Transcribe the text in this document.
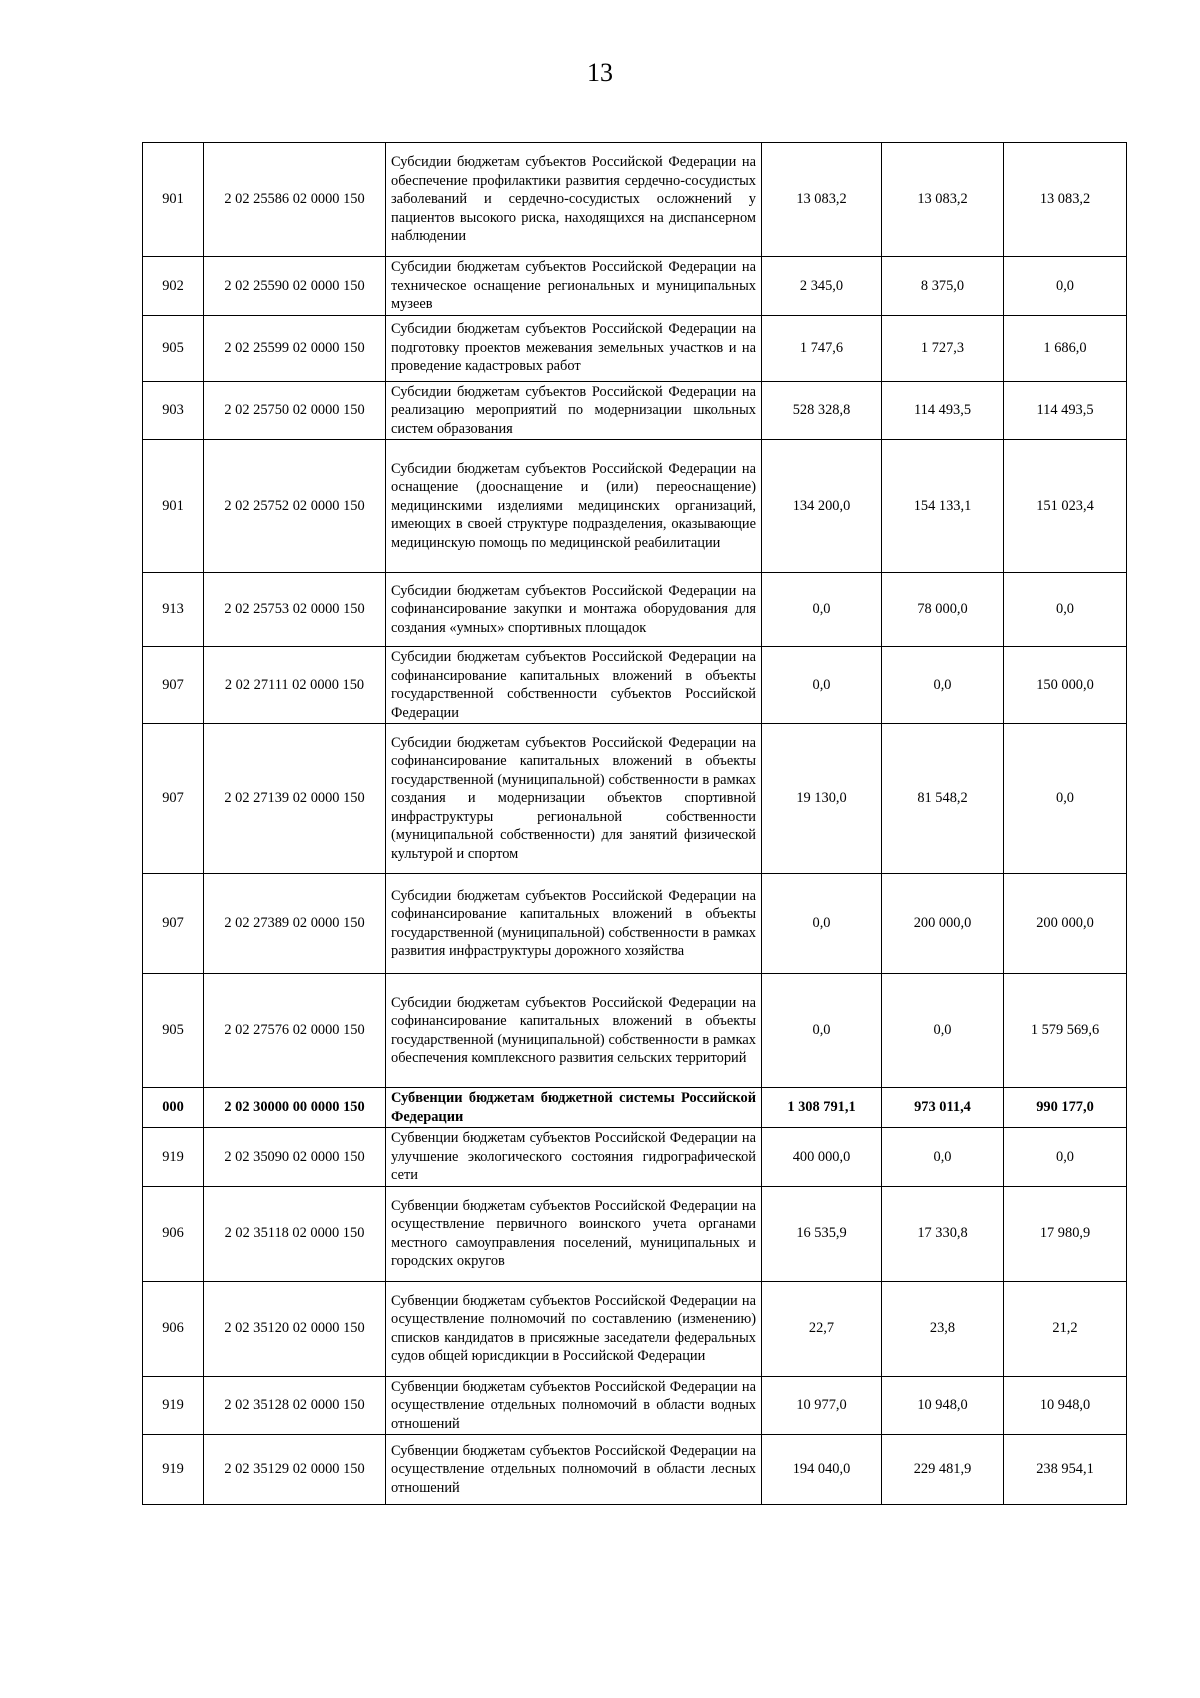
13
901	2 02 25586 02 0000 150	Субсидии бюджетам субъектов Российской Федерации на обеспечение профилактики развития сердечно-сосудистых заболеваний и сердечно-сосудистых осложнений у пациентов высокого риска, находящихся на диспансерном наблюдении	13 083,2	13 083,2	13 083,2
902	2 02 25590 02 0000 150	Субсидии бюджетам субъектов Российской Федерации на техническое оснащение региональных и муниципальных музеев	2 345,0	8 375,0	0,0
905	2 02 25599 02 0000 150	Субсидии бюджетам субъектов Российской Федерации на подготовку проектов межевания земельных участков и на проведение кадастровых работ	1 747,6	1 727,3	1 686,0
903	2 02 25750 02 0000 150	Субсидии бюджетам субъектов Российской Федерации на реализацию мероприятий по модернизации школьных систем образования	528 328,8	114 493,5	114 493,5
901	2 02 25752 02 0000 150	Субсидии бюджетам субъектов Российской Федерации на оснащение (дооснащение и (или) переоснащение) медицинскими изделиями медицинских организаций, имеющих в своей структуре подразделения, оказывающие медицинскую помощь по медицинской реабилитации	134 200,0	154 133,1	151 023,4
913	2 02 25753 02 0000 150	Субсидии бюджетам субъектов Российской Федерации на софинансирование закупки и монтажа оборудования для создания «умных» спортивных площадок	0,0	78 000,0	0,0
907	2 02 27111 02 0000 150	Субсидии бюджетам субъектов Российской Федерации на софинансирование капитальных вложений в объекты государственной собственности субъектов Российской Федерации	0,0	0,0	150 000,0
907	2 02 27139 02 0000 150	Субсидии бюджетам субъектов Российской Федерации на софинансирование капитальных вложений в объекты государственной (муниципальной) собственности в рамках создания и модернизации объектов спортивной инфраструктуры региональной собственности (муниципальной собственности) для занятий физической культурой и спортом	19 130,0	81 548,2	0,0
907	2 02 27389 02 0000 150	Субсидии бюджетам субъектов Российской Федерации на софинансирование капитальных вложений в объекты государственной (муниципальной) собственности в рамках развития инфраструктуры дорожного хозяйства	0,0	200 000,0	200 000,0
905	2 02 27576 02 0000 150	Субсидии бюджетам субъектов Российской Федерации на софинансирование капитальных вложений в объекты государственной (муниципальной) собственности в рамках обеспечения комплексного развития сельских территорий	0,0	0,0	1 579 569,6
000	2 02 30000 00 0000 150	Субвенции бюджетам бюджетной системы Российской Федерации	1 308 791,1	973 011,4	990 177,0
919	2 02 35090 02 0000 150	Субвенции бюджетам субъектов Российской Федерации на улучшение экологического состояния гидрографической сети	400 000,0	0,0	0,0
906	2 02 35118 02 0000 150	Субвенции бюджетам субъектов Российской Федерации на осуществление первичного воинского учета органами местного самоуправления поселений, муниципальных и городских округов	16 535,9	17 330,8	17 980,9
906	2 02 35120 02 0000 150	Субвенции бюджетам субъектов Российской Федерации на осуществление полномочий по составлению (изменению) списков кандидатов в присяжные заседатели федеральных судов общей юрисдикции в Российской Федерации	22,7	23,8	21,2
919	2 02 35128 02 0000 150	Субвенции бюджетам субъектов Российской Федерации на осуществление отдельных полномочий в области водных отношений	10 977,0	10 948,0	10 948,0
919	2 02 35129 02 0000 150	Субвенции бюджетам субъектов Российской Федерации на осуществление отдельных полномочий в области лесных отношений	194 040,0	229 481,9	238 954,1
